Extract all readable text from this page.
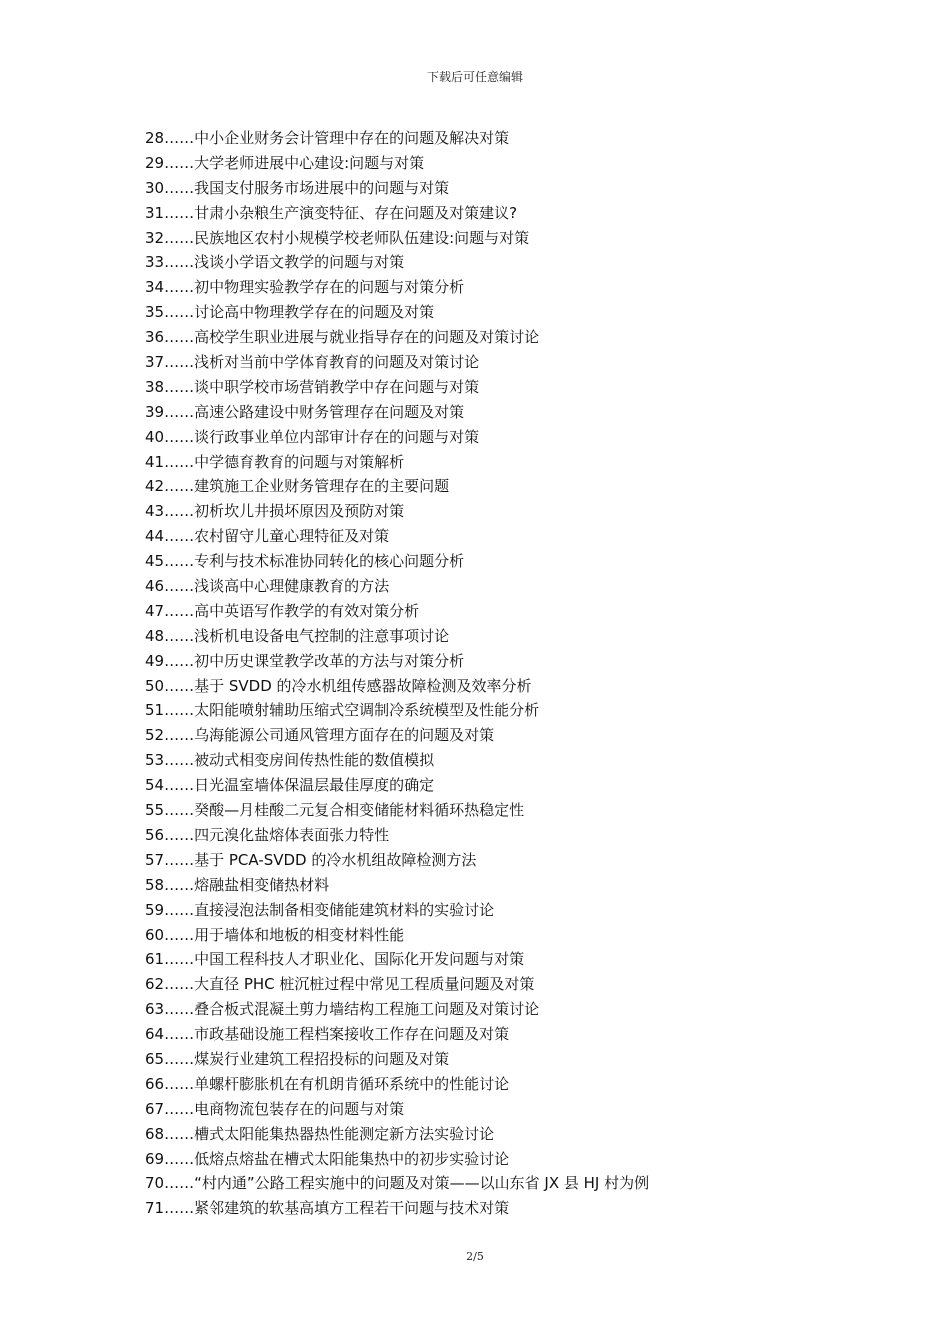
下载后可任意编辑
28 …… 中小企业财务会计管理中存在的问题及解决对策
29 …… 大学老师进展中心建设:问题与对策
30 …… 我国支付服务市场进展中的问题与对策
31 …… 甘肃小杂粮生产演变特征、存在问题及对策建议?
32 …… 民族地区农村小规模学校老师队伍建设:问题与对策
33 …… 浅谈小学语文教学的问题与对策
34 …… 初中物理实验教学存在的问题与对策分析
35 …… 讨论高中物理教学存在的问题及对策
36 …… 高校学生职业进展与就业指导存在的问题及对策讨论
37 …… 浅析对当前中学体育教育的问题及对策讨论
38 …… 谈中职学校市场营销教学中存在问题与对策
39 …… 高速公路建设中财务管理存在问题及对策
40 …… 谈行政事业单位内部审计存在的问题与对策
41 …… 中学德育教育的问题与对策解析
42 …… 建筑施工企业财务管理存在的主要问题
43 …… 初析坎儿井损坏原因及预防对策
44 …… 农村留守儿童心理特征及对策
45 …… 专利与技术标准协同转化的核心问题分析
46 …… 浅谈高中心理健康教育的方法
47 …… 高中英语写作教学的有效对策分析
48 …… 浅析机电设备电气控制的注意事项讨论
49 …… 初中历史课堂教学改革的方法与对策分析
50 …… 基于 SVDD 的冷水机组传感器故障检测及效率分析
51 …… 太阳能喷射辅助压缩式空调制冷系统模型及性能分析
52 …… 乌海能源公司通风管理方面存在的问题及对策
53 …… 被动式相变房间传热性能的数值模拟
54 …… 日光温室墙体保温层最佳厚度的确定
55 …… 癸酸—月桂酸二元复合相变储能材料循环热稳定性
56 …… 四元溴化盐熔体表面张力特性
57 …… 基于 PCA-SVDD 的冷水机组故障检测方法
58 …… 熔融盐相变储热材料
59 …… 直接浸泡法制备相变储能建筑材料的实验讨论
60 …… 用于墙体和地板的相变材料性能
61 …… 中国工程科技人才职业化、国际化开发问题与对策
62 …… 大直径 PHC 桩沉桩过程中常见工程质量问题及对策
63 …… 叠合板式混凝土剪力墙结构工程施工问题及对策讨论
64 …… 市政基础设施工程档案接收工作存在问题及对策
65 …… 煤炭行业建筑工程招投标的问题及对策
66 …… 单螺杆膨胀机在有机朗肯循环系统中的性能讨论
67 …… 电商物流包装存在的问题与对策
68 …… 槽式太阳能集热器热性能测定新方法实验讨论
69 …… 低熔点熔盐在槽式太阳能集热中的初步实验讨论
70 …… “村内通”公路工程实施中的问题及对策——以山东省 JX 县 HJ 村为例
71 …… 紧邻建筑的软基高填方工程若干问题与技术对策
2/5
